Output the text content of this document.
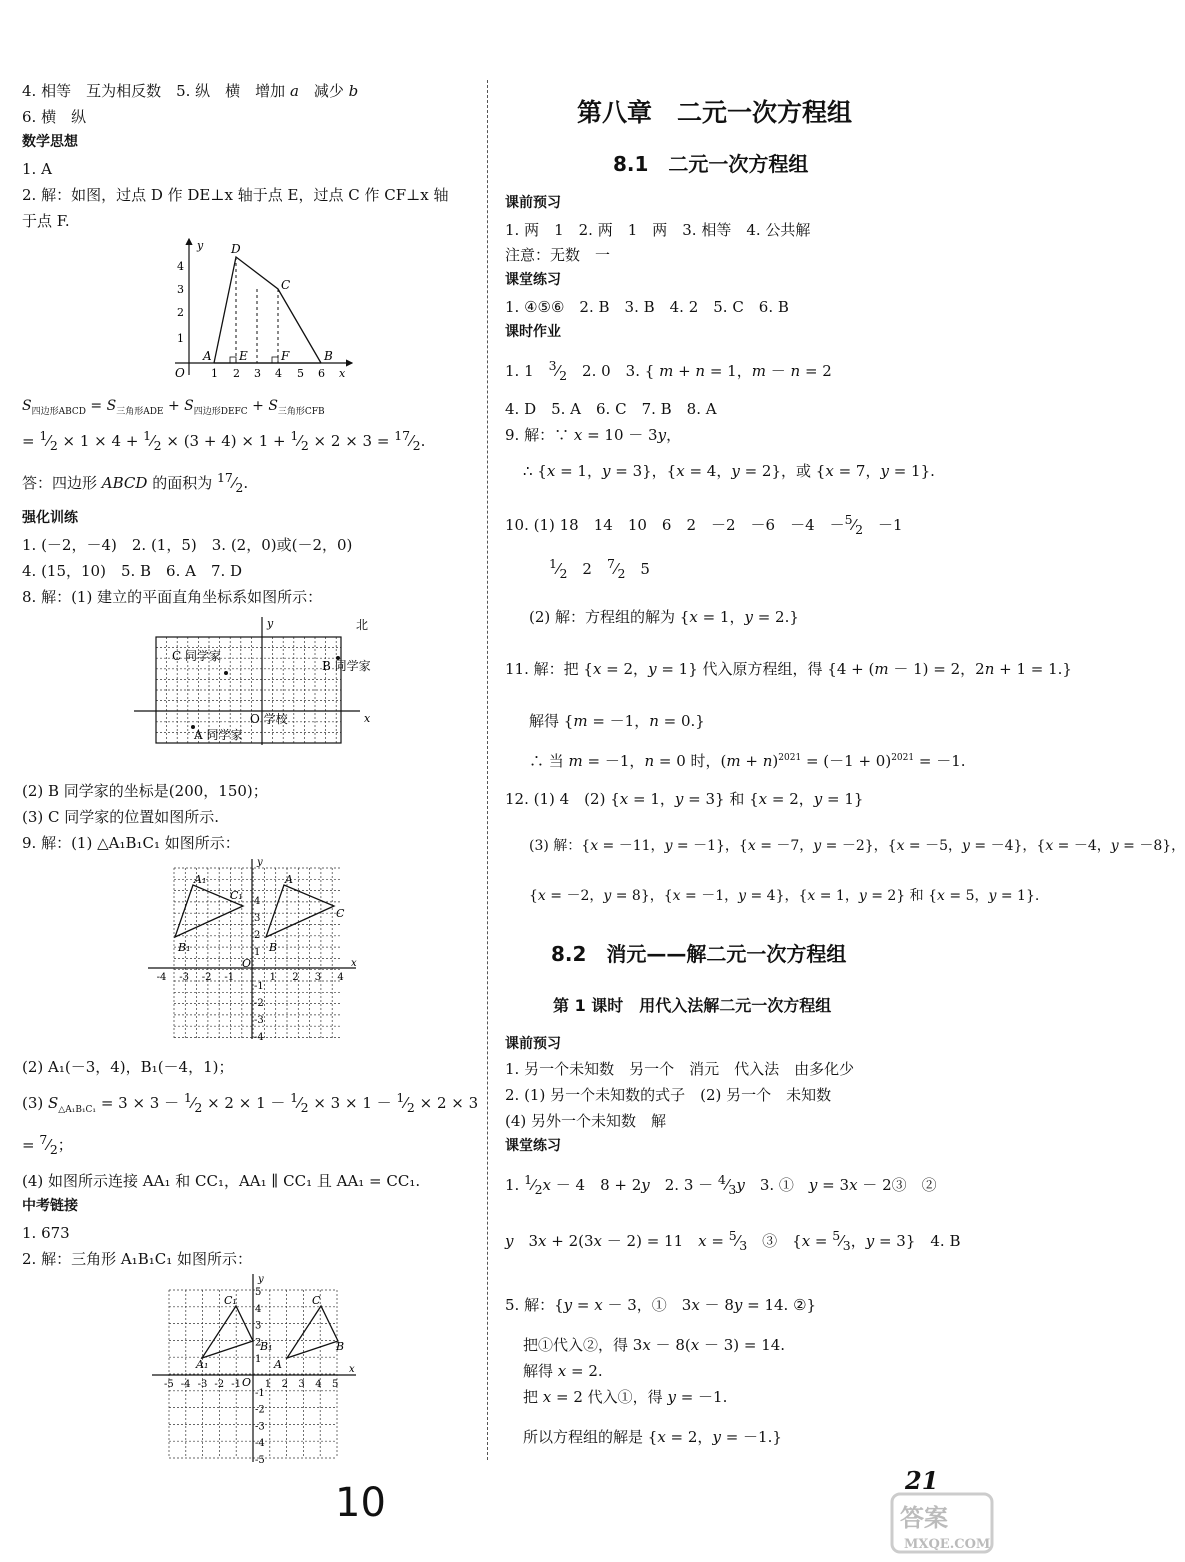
4. 相等　互为相反数　5. 纵　横　增加 a　减少 b
6. 横　纵
数学思想
1. A
2. 解：如图，过点 D 作 DE⊥x 轴于点 E，过点 C 作 CF⊥x 轴
于点 F.
y
x
O
D
C
A E	F	B
1 2 3 4 5 6
1
2
3
4
$S_{四边形ABCD} = S_{三角形ADE} + S_{四边形DEFC} + S_{三角形CFB}$
= $^1⁄_2 \times 1 \times 4$ + $^1⁄_2 \times (3 + 4) \times 1$ + $^1⁄_2 \times 2 \times 3$ = $^{17}⁄_2$.
答：四边形 ABCD 的面积为 $^{17}⁄_2$.
强化训练
1. (－2，－4)　2. (1，5)　3. (2，0)或(－2，0)
4. (15，10)　5. B　6. A　7. D
8. 解：(1) 建立的平面直角坐标系如图所示：
y
x
北
C 同学家
B 同学家
O 学校
A 同学家
(2) B 同学家的坐标是(200，150)；
(3) C 同学家的位置如图所示.
9. 解：(1) △A₁B₁C₁ 如图所示：
y
x
A₁
C₁
A
C
B₁	B
O
-4 -3 -2 -1	1 2 3 4
4
3
2
1
-1
-2
-3
-4
(2) A₁(－3，4)，B₁(－4，1)；
(3) $S_{\triangle A_1B_1C_1} = 3 \times 3$ － $^1⁄_2 \times 2 \times 1$ － $^1⁄_2 \times 3 \times 1$ － $^1⁄_2 \times 2 \times 3$
= $^7⁄_2$；
(4) 如图所示连接 AA₁ 和 CC₁，AA₁ ∥ CC₁ 且 AA₁ = CC₁.
中考链接
1. 673
2. 解：三角形 A₁B₁C₁ 如图所示：
y
x
C₁	C
A₁
B₁
A
B
O
-5 -4 -3 -2 -1 1 2 3 4 5
5
4
3
2
1
-1
-2
-3
-4
-5
第八章　二元一次方程组
8.1　二元一次方程组
课前预习
1. 两　1　2. 两　1　两　3. 相等　4. 公共解
注意：无数　一
课堂练习
1. ④⑤⑥　2. B　3. B　4. 2　5. C　6. B
课时作业
1. 1　$^3⁄_2$　2. 0　3. { m + n = 1，m － n = 2
4. D　5. A　6. C　7. B　8. A
9. 解：∵ x = 10 － 3y，
∴ {x = 1，y = 3}，{x = 4，y = 2}，或 {x = 7，y = 1}.
10. (1) 18　14　10　6　2　－2　－6　－4　$-^5⁄_2$　－1
$^1⁄_2$　2　$^7⁄_2$　5
(2) 解：方程组的解为 {x = 1，y = 2.}
11. 解：把 {x = 2，y = 1} 代入原方程组，得 {4 + (m － 1) = 2，2n + 1 = 1.}
解得 {m = －1，n = 0.}
∴ 当 m = －1，n = 0 时，$(m + n)^{2021} = (-1 + 0)^{2021} = -1$.
12. (1) 4　(2) {x = 1，y = 3} 和 {x = 2，y = 1}
(3) 解：{x = －11，y = －1}，{x = －7，y = －2}，{x = －5，y = －4}，{x = －4，y = －8}，
{x = －2，y = 8}，{x = －1，y = 4}，{x = 1，y = 2} 和 {x = 5，y = 1}.
8.2　消元——解二元一次方程组
第 1 课时　用代入法解二元一次方程组
课前预习
1. 另一个未知数　另一个　消元　代入法　由多化少
2. (1) 另一个未知数的式子　(2) 另一个　未知数
(4) 另外一个未知数　解
课堂练习
1. $^1⁄_2x - 4$　8 + 2y　2. $3 - ^4⁄_3y$　3. ①　y = 3x － 2③　②
y　3x + 2(3x － 2) = 11　$x = ^5⁄_3$　③　{$x = ^5⁄_3$，y = 3}　4. B
5. 解：{y = x － 3，①　3x － 8y = 14. ②}
把①代入②，得 3x － 8(x － 3) = 14.
解得 x = 2.
把 x = 2 代入①，得 y = －1.
所以方程组的解是 {x = 2，y = －1.}
21
10	答案
MXQE.COM
